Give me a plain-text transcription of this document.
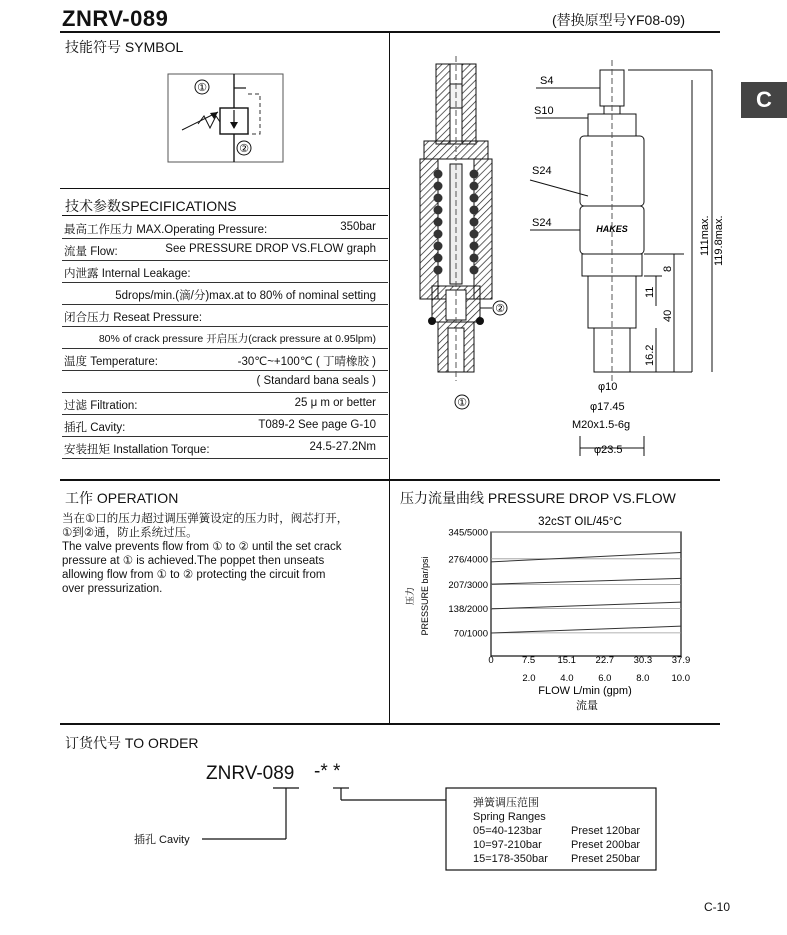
ZNRV-089	(替换原型号YF08-09)
技能符号 SYMBOL
①
②
技术参数SPECIFICATIONS
最高工作压力 MAX.Operating Pressure:	350bar
流量 Flow:	See PRESSURE DROP VS.FLOW graph
内泄露 Internal Leakage:
5drops/min.(滴/分)max.at to 80% of nominal setting
闭合压力 Reseat Pressure:
80% of crack pressure 开启压力(crack pressure at 0.95lpm)
温度 Temperature:	-30℃~+100℃ ( 丁晴橡胶 )
( Standard bana seals )
过滤 Filtration:	25 μ m or better
插孔 Cavity:	T089-2 See page G-10
安装扭矩 Installation Torque:	24.5-27.2Nm
②
①
HAKES
S4
S10
S24
S24	111max. 119.8max.
8
11
40
16.2
φ10
φ17.45
M20x1.5-6g
φ23.5
C
工作 OPERATION
当在①口的压力超过调压弹簧设定的压力时，阀芯打开，
①到②通，防止系统过压。
The valve prevents flow from ① to ② until the set crack
pressure at ① is achieved.The poppet then unseats
allowing flow from ① to ② protecting the circuit from
over pressurization.
压力流量曲线 PRESSURE DROP VS.FLOW
32cST OIL/45°C
345/5000
276/4000
207/3000
138/2000
70/1000
0	7.5 15.1 22.7 30.3 37.9
2.0	4.0	6.0	8.0 10.0
压力 PRESSURE bar/psi
FLOW L/min (gpm)
流量
订货代号 TO ORDER
ZNRV-089 -* *
插孔 Cavity
弹簧调压范围
Spring Ranges
05=40-123bar	Preset 120bar
10=97-210bar	Preset 200bar
15=178-350bar Preset 250bar
C-10
